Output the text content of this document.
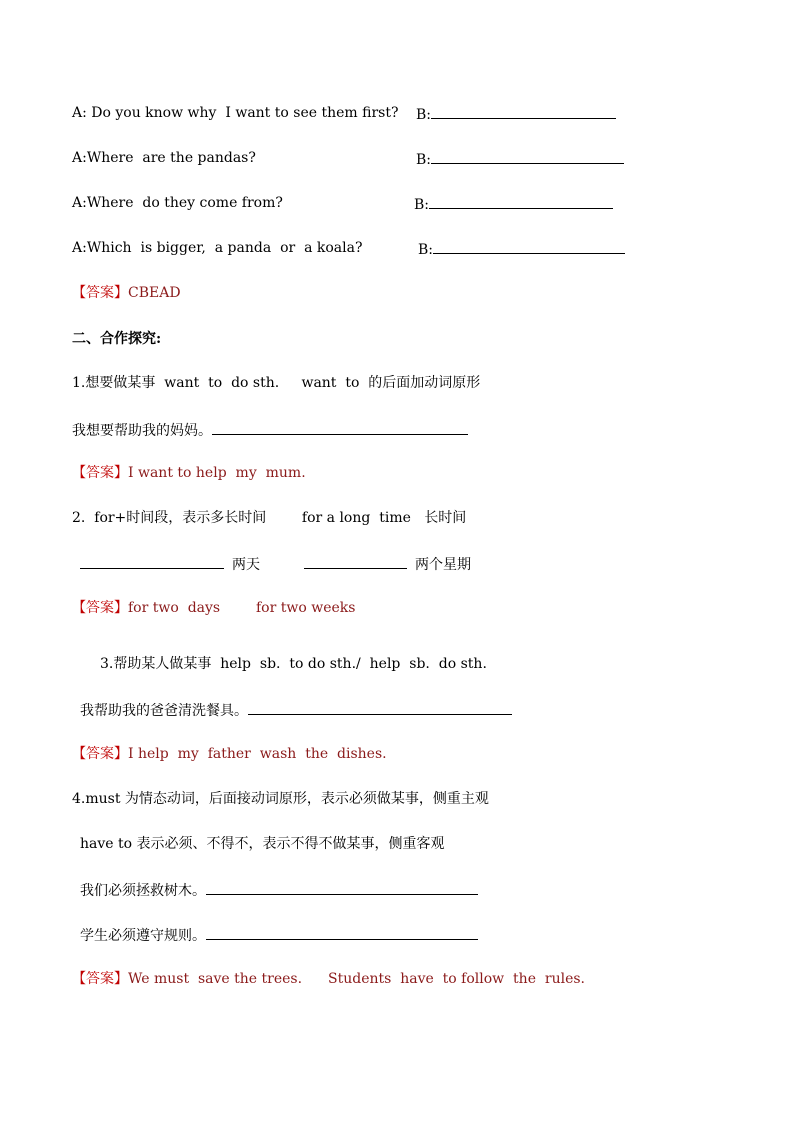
A: Do you know why  I want to see them first? B:
A:Where  are the pandas?	B:
A:Where  do they come from?	B:
A:Which  is bigger,  a panda  or  a koala?	B:
【答案】CBEAD
二、合作探究:
1.想要做某事  want  to  do sth.     want  to  的后面加动词原形
我想要帮助我的妈妈。
【答案】I want to help  my  mum.
2.  for+时间段，表示多长时间        for a long  time   长时间
两天	两个星期
【答案】for two  days	for two weeks
3.帮助某人做某事  help  sb.  to do sth./  help  sb.  do sth.
我帮助我的爸爸清洗餐具。
【答案】I help  my  father  wash  the  dishes.
4.must 为情态动词，后面接动词原形，表示必须做某事，侧重主观
have to 表示必须、不得不，表示不得不做某事，侧重客观
我们必须拯救树木。
学生必须遵守规则。
【答案】We must  save the trees. Students  have  to follow  the  rules.
